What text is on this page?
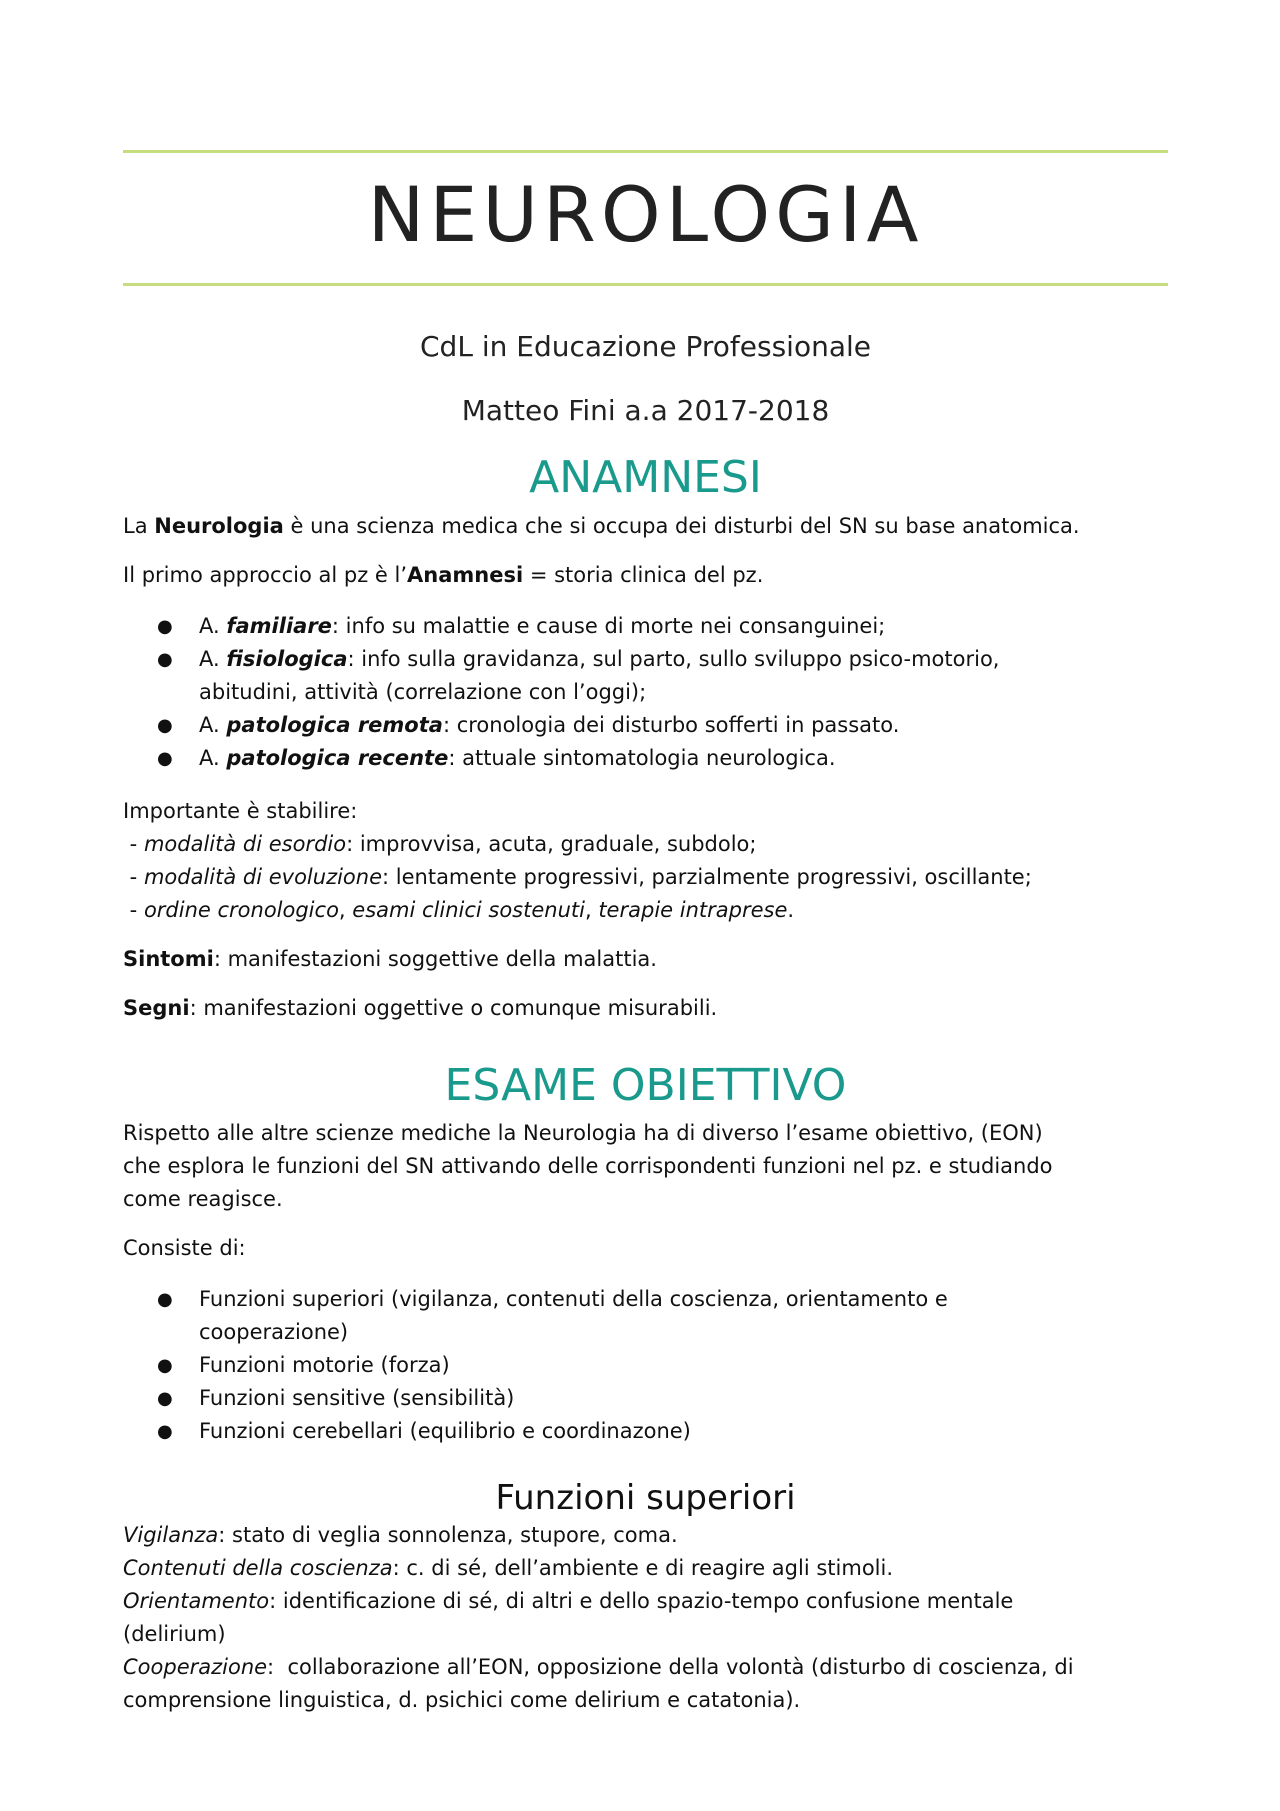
NEUROLOGIA

CdL in Educazione Professionale

Matteo Fini a.a 2017-2018

ANAMNESI

La Neurologia è una scienza medica che si occupa dei disturbi del SN su base anatomica.

Il primo approccio al pz è l’Anamnesi = storia clinica del pz.

● A. familiare: info su malattie e cause di morte nei consanguinei;
● A. fisiologica: info sulla gravidanza, sul parto, sullo sviluppo psico-motorio,
abitudini, attività (correlazione con l’oggi);
● A. patologica remota: cronologia dei disturbo sofferti in passato.
● A. patologica recente: attuale sintomatologia neurologica.

Importante è stabilire:

- modalità di esordio: improvvisa, acuta, graduale, subdolo;

- modalità di evoluzione: lentamente progressivi, parzialmente progressivi, oscillante;

- ordine cronologico, esami clinici sostenuti, terapie intraprese.

Sintomi: manifestazioni soggettive della malattia.

Segni: manifestazioni oggettive o comunque misurabili.

ESAME OBIETTIVO

Rispetto alle altre scienze mediche la Neurologia ha di diverso l’esame obiettivo, (EON)

che esplora le funzioni del SN attivando delle corrispondenti funzioni nel pz. e studiando

come reagisce.

Consiste di:

● Funzioni superiori (vigilanza, contenuti della coscienza, orientamento e
cooperazione)
● Funzioni motorie (forza)
● Funzioni sensitive (sensibilità)
● Funzioni cerebellari (equilibrio e coordinazone)
Funzioni superiori

Vigilanza: stato di veglia sonnolenza, stupore, coma.

Contenuti della coscienza: c. di sé, dell’ambiente e di reagire agli stimoli.

Orientamento: identificazione di sé, di altri e dello spazio-tempo confusione mentale

(delirium)

Cooperazione:  collaborazione all’EON, opposizione della volontà (disturbo di coscienza, di

comprensione linguistica, d. psichici come delirium e catatonia).
